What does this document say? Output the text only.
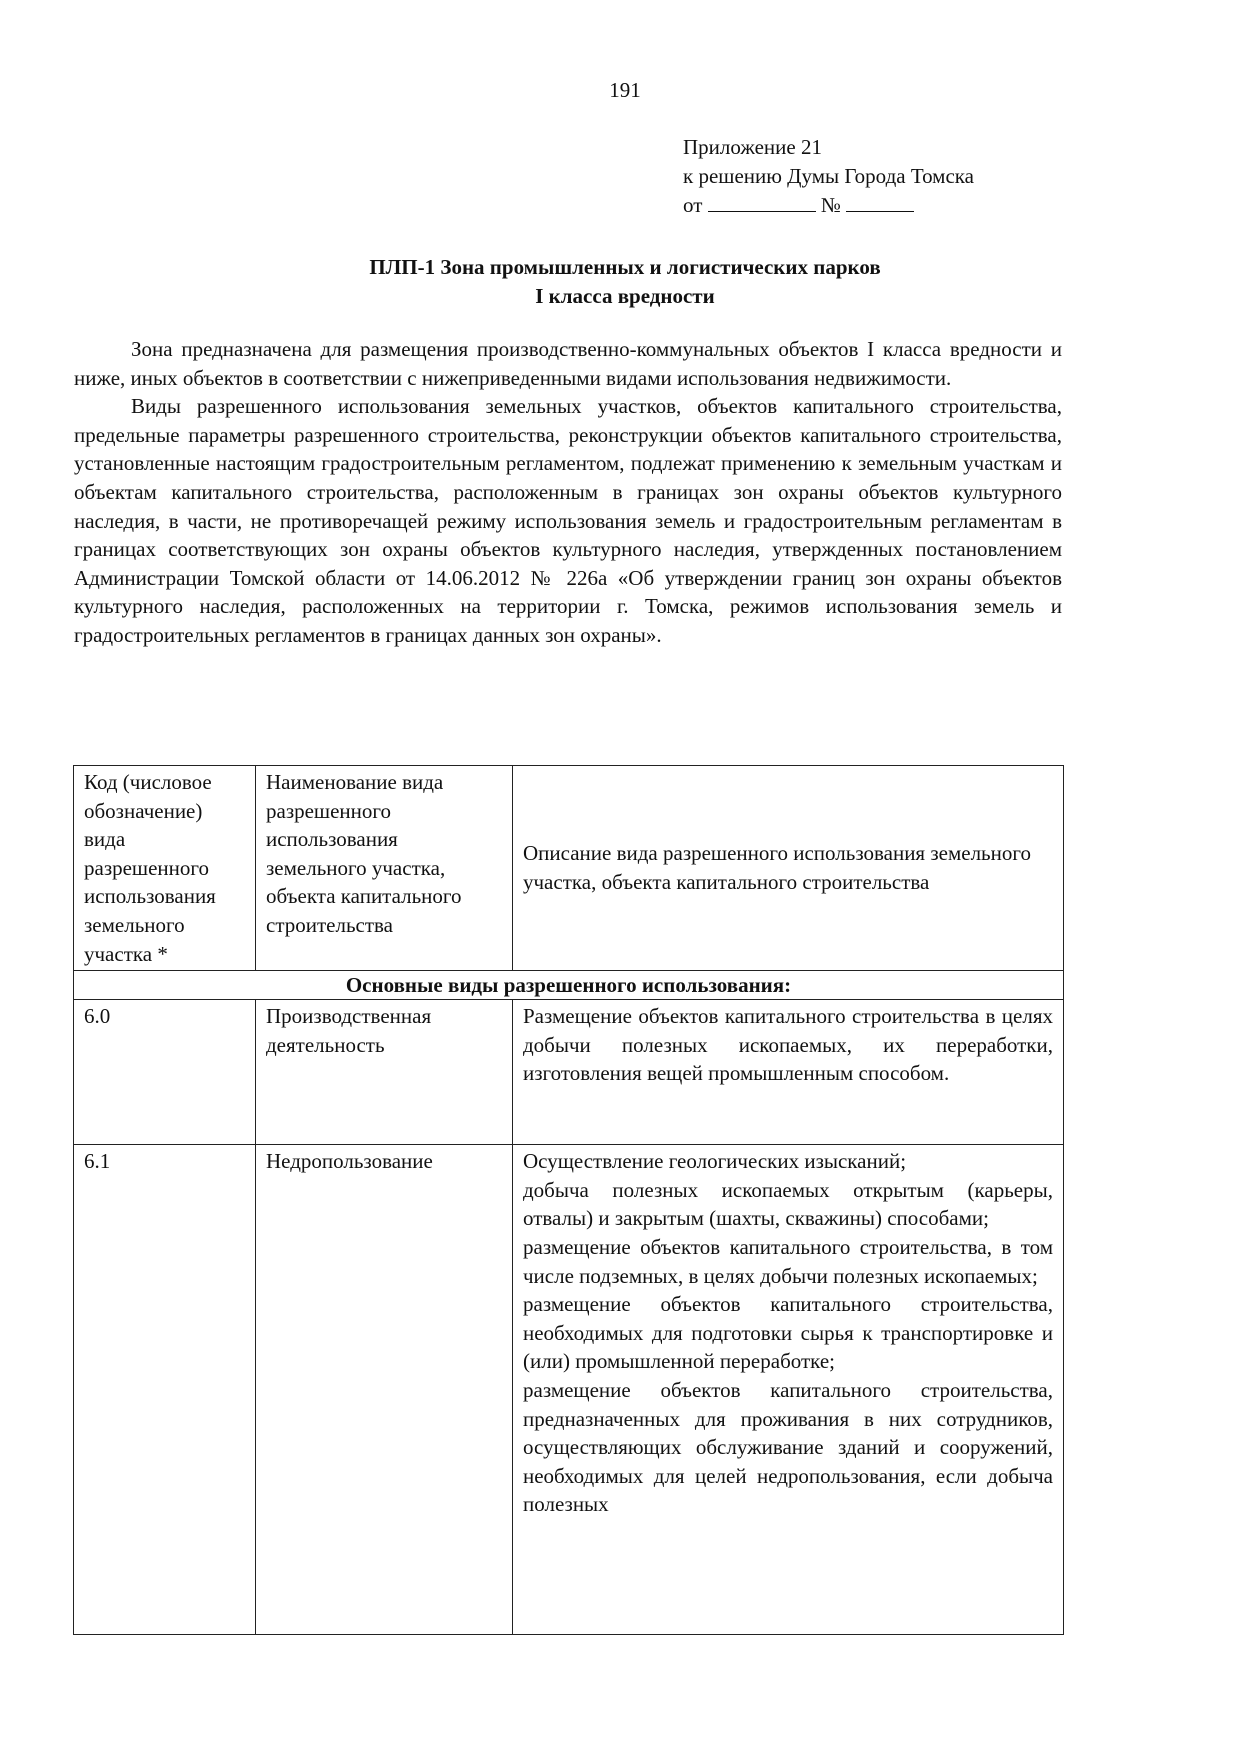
191
Приложение 21
к решению Думы Города Томска
от	№
ПЛП-1 Зона промышленных и логистических парков
I класса вредности

Зона предназначена для размещения производственно-коммунальных объектов I класса вредности и ниже, иных объектов в соответствии с нижеприведенными видами использования недвижимости.

Виды разрешенного использования земельных участков, объектов капитального строительства, предельные параметры разрешенного строительства, реконструкции объектов капитального строительства, установленные настоящим градостроительным регламентом, подлежат применению к земельным участкам и объектам капитального строительства, расположенным в границах зон охраны объектов культурного наследия, в части, не противоречащей режиму использования земель и градостроительным регламентам в границах соответствующих зон охраны объектов культурного наследия, утвержденных постановлением Администрации Томской области от 14.06.2012 № 226а «Об утверждении границ зон охраны объектов культурного наследия, расположенных на территории г. Томска, режимов использования земель и градостроительных регламентов в границах данных зон охраны».

Код (числовое обозначение) вида разрешенного использования земельного участка *	Наименование вида разрешенного использования земельного участка, объекта капитального строительства	Описание вида разрешенного использования земельного участка, объекта капитального строительства
Основные виды разрешенного использования:		
6.0	Производственная деятельность	Размещение объектов капитального строительства в целях добычи полезных ископаемых, их переработки, изготовления вещей промышленным способом.

6.1	Недропользование	Осуществление геологических изысканий;
добыча полезных ископаемых открытым (карьеры, отвалы) и закрытым (шахты, скважины) способами;
размещение объектов капитального строительства, в том числе подземных, в целях добычи полезных ископаемых;
размещение объектов капитального строительства, необходимых для подготовки сырья к транспортировке и (или) промышленной переработке;
размещение объектов капитального строительства, предназначенных для проживания в них сотрудников, осуществляющих обслуживание зданий и сооружений, необходимых для целей недропользования, если добыча полезных
